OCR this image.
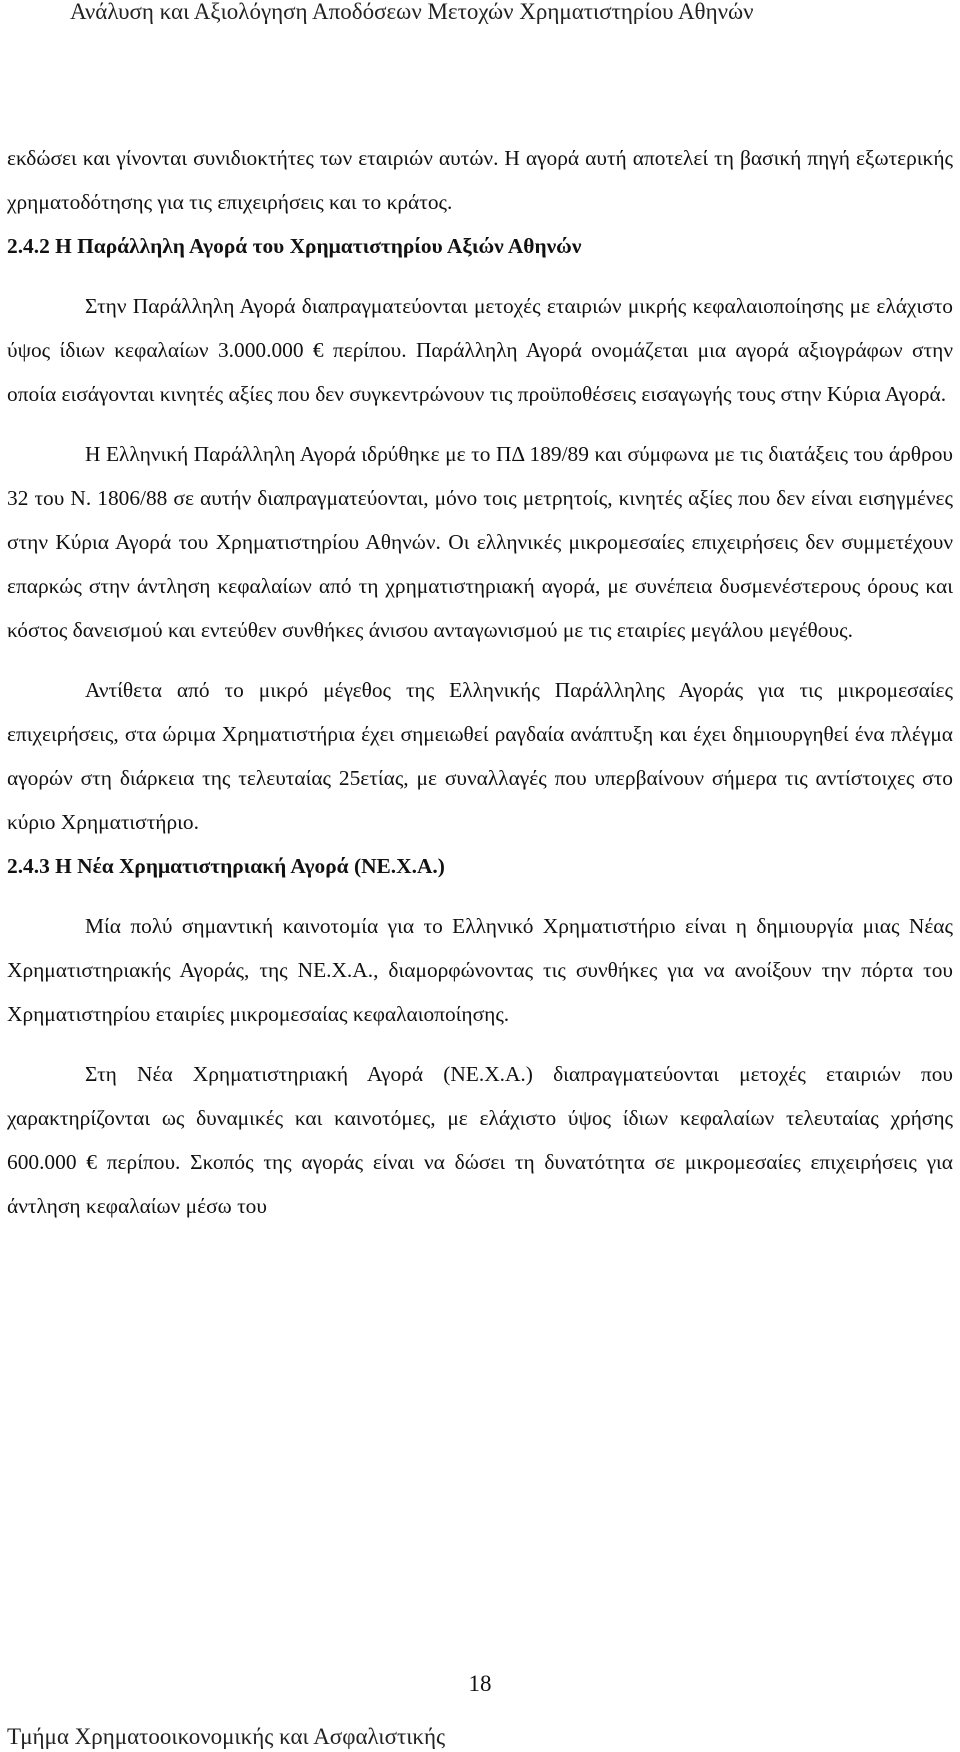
Ανάλυση και Αξιολόγηση Αποδόσεων Μετοχών Χρηματιστηρίου Αθηνών

εκδώσει και γίνονται συνιδιοκτήτες των εταιριών αυτών. Η αγορά αυτή αποτελεί τη βασική πηγή εξωτερικής χρηματοδότησης για τις επιχειρήσεις και το κράτος.

2.4.2 Η Παράλληλη Αγορά του Χρηματιστηρίου Αξιών Αθηνών

Στην Παράλληλη Αγορά διαπραγματεύονται μετοχές εταιριών μικρής κεφαλαιοποίησης με ελάχιστο ύψος ίδιων κεφαλαίων 3.000.000 € περίπου. Παράλληλη Αγορά ονομάζεται μια αγορά αξιογράφων στην οποία εισάγονται κινητές αξίες που δεν συγκεντρώνουν τις προϋποθέσεις εισαγωγής τους στην Κύρια Αγορά.

Η Ελληνική Παράλληλη Αγορά ιδρύθηκε με το ΠΔ 189/89 και σύμφωνα με τις διατάξεις του άρθρου 32 του Ν. 1806/88 σε αυτήν διαπραγματεύονται, μόνο τοις μετρητοίς, κινητές αξίες που δεν είναι εισηγμένες στην Κύρια Αγορά του Χρηματιστηρίου Αθηνών. Οι ελληνικές μικρομεσαίες επιχειρήσεις δεν συμμετέχουν επαρκώς στην άντληση κεφαλαίων από τη χρηματιστηριακή αγορά, με συνέπεια δυσμενέστερους όρους και κόστος δανεισμού και εντεύθεν συνθήκες άνισου ανταγωνισμού με τις εταιρίες μεγάλου μεγέθους.

Αντίθετα από το μικρό μέγεθος της Ελληνικής Παράλληλης Αγοράς για τις μικρομεσαίες επιχειρήσεις, στα ώριμα Χρηματιστήρια έχει σημειωθεί ραγδαία ανάπτυξη και έχει δημιουργηθεί ένα πλέγμα αγορών στη διάρκεια της τελευταίας 25ετίας, με συναλλαγές που υπερβαίνουν σήμερα τις αντίστοιχες στο κύριο Χρηματιστήριο.

2.4.3 Η Νέα Χρηματιστηριακή Αγορά (ΝΕ.Χ.Α.)

Μία πολύ σημαντική καινοτομία για το Ελληνικό Χρηματιστήριο είναι η δημιουργία μιας Νέας Χρηματιστηριακής Αγοράς, της ΝΕ.Χ.Α., διαμορφώνοντας τις συνθήκες για να ανοίξουν την πόρτα του Χρηματιστηρίου εταιρίες μικρομεσαίας κεφαλαιοποίησης.

Στη Νέα Χρηματιστηριακή Αγορά (ΝΕ.Χ.Α.) διαπραγματεύονται μετοχές εταιριών που χαρακτηρίζονται ως δυναμικές και καινοτόμες, με ελάχιστο ύψος ίδιων κεφαλαίων τελευταίας χρήσης 600.000 € περίπου. Σκοπός της αγοράς είναι να δώσει τη δυνατότητα σε μικρομεσαίες επιχειρήσεις για άντληση κεφαλαίων μέσω του

18
Τμήμα Χρηματοοικονομικής και Ασφαλιστικής
